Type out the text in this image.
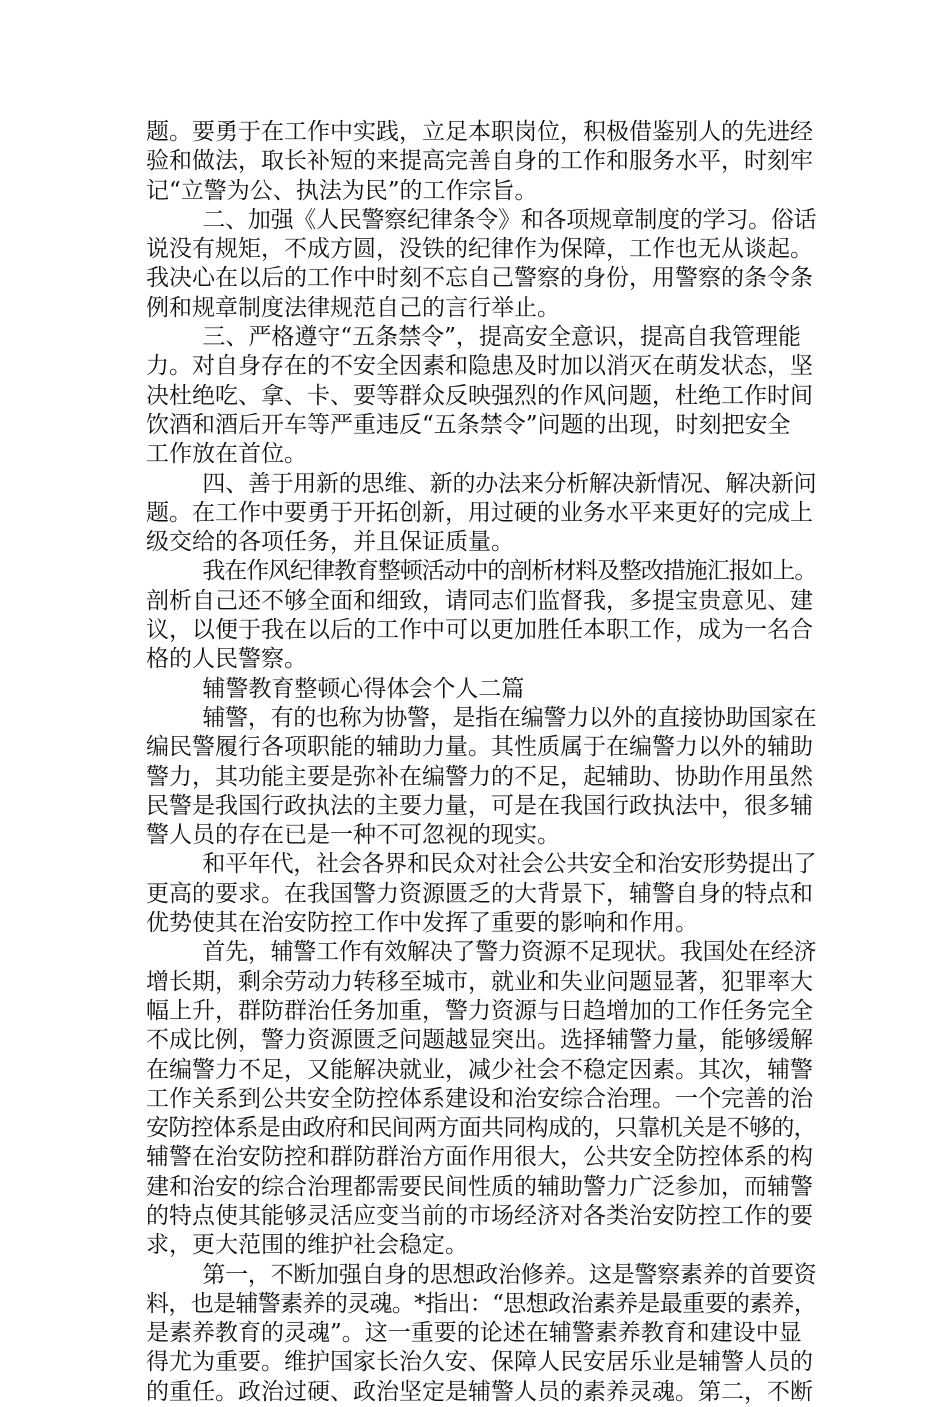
题。要勇于在工作中实践，立足本职岗位，积极借鉴别人的先进经
验和做法，取长补短的来提高完善自身的工作和服务水平，时刻牢
记“立警为公、执法为民”的工作宗旨。
二、加强《人民警察纪律条令》和各项规章制度的学习。俗话
说没有规矩，不成方圆，没铁的纪律作为保障，工作也无从谈起。
我决心在以后的工作中时刻不忘自己警察的身份，用警察的条令条
例和规章制度法律规范自己的言行举止。
三、严格遵守“五条禁令”，提高安全意识，提高自我管理能
力。对自身存在的不安全因素和隐患及时加以消灭在萌发状态，坚
决杜绝吃、拿、卡、要等群众反映强烈的作风问题，杜绝工作时间
饮酒和酒后开车等严重违反“五条禁令”问题的出现，时刻把安全
工作放在首位。
四、善于用新的思维、新的办法来分析解决新情况、解决新问
题。在工作中要勇于开拓创新，用过硬的业务水平来更好的完成上
级交给的各项任务，并且保证质量。
我在作风纪律教育整顿活动中的剖析材料及整改措施汇报如上。
剖析自己还不够全面和细致，请同志们监督我，多提宝贵意见、建
议，以便于我在以后的工作中可以更加胜任本职工作，成为一名合
格的人民警察。
辅警教育整顿心得体会个人二篇
辅警，有的也称为协警，是指在编警力以外的直接协助国家在
编民警履行各项职能的辅助力量。其性质属于在编警力以外的辅助
警力，其功能主要是弥补在编警力的不足，起辅助、协助作用虽然
民警是我国行政执法的主要力量，可是在我国行政执法中，很多辅
警人员的存在已是一种不可忽视的现实。
和平年代，社会各界和民众对社会公共安全和治安形势提出了
更高的要求。在我国警力资源匮乏的大背景下，辅警自身的特点和
优势使其在治安防控工作中发挥了重要的影响和作用。
首先，辅警工作有效解决了警力资源不足现状。我国处在经济
增长期，剩余劳动力转移至城市，就业和失业问题显著，犯罪率大
幅上升，群防群治任务加重，警力资源与日趋增加的工作任务完全
不成比例，警力资源匮乏问题越显突出。选择辅警力量，能够缓解
在编警力不足，又能解决就业，减少社会不稳定因素。其次，辅警
工作关系到公共安全防控体系建设和治安综合治理。一个完善的治
安防控体系是由政府和民间两方面共同构成的，只靠机关是不够的，
辅警在治安防控和群防群治方面作用很大，公共安全防控体系的构
建和治安的综合治理都需要民间性质的辅助警力广泛参加，而辅警
的特点使其能够灵活应变当前的市场经济对各类治安防控工作的要
求，更大范围的维护社会稳定。
第一，不断加强自身的思想政治修养。这是警察素养的首要资
料，也是辅警素养的灵魂。*指出：“思想政治素养是最重要的素养，
是素养教育的灵魂”。这一重要的论述在辅警素养教育和建设中显
得尤为重要。维护国家长治久安、保障人民安居乐业是辅警人员的
的重任。政治过硬、政治坚定是辅警人员的素养灵魂。第二，不断
